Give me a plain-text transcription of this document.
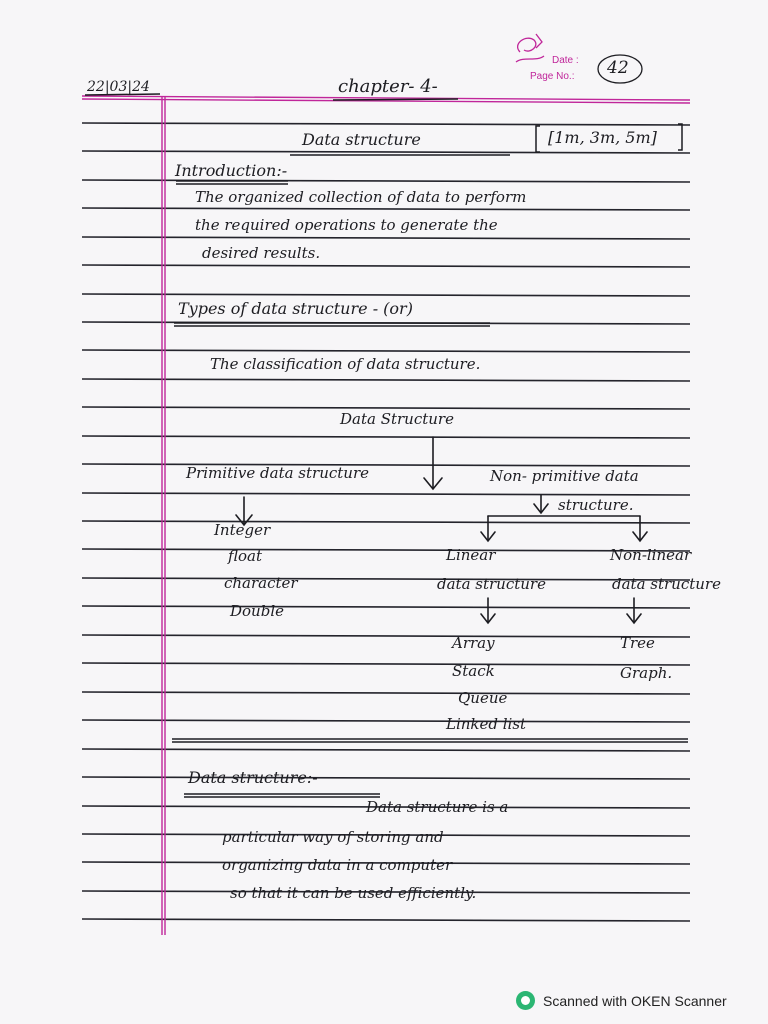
Date :
Page No.:
22|03|24	chapter- 4-
42
Data structure	[1m, 3m, 5m]
Introduction:-
The organized collection of data to perform
the required operations to generate the
desired results.
Types of data structure - (or)
The classification of data structure.
Data Structure
Primitive data structure	Non- primitive data
structure.
Integer
float
character
Double
Linear
data structure
Non-linear
data structure
Array
Stack
Queue
Linked list
Tree
Graph.
Data structure:-
Data structure is a
particular way of storing and
organizing data in a computer
so that it can be used efficiently.
Scanned with OKEN Scanner
